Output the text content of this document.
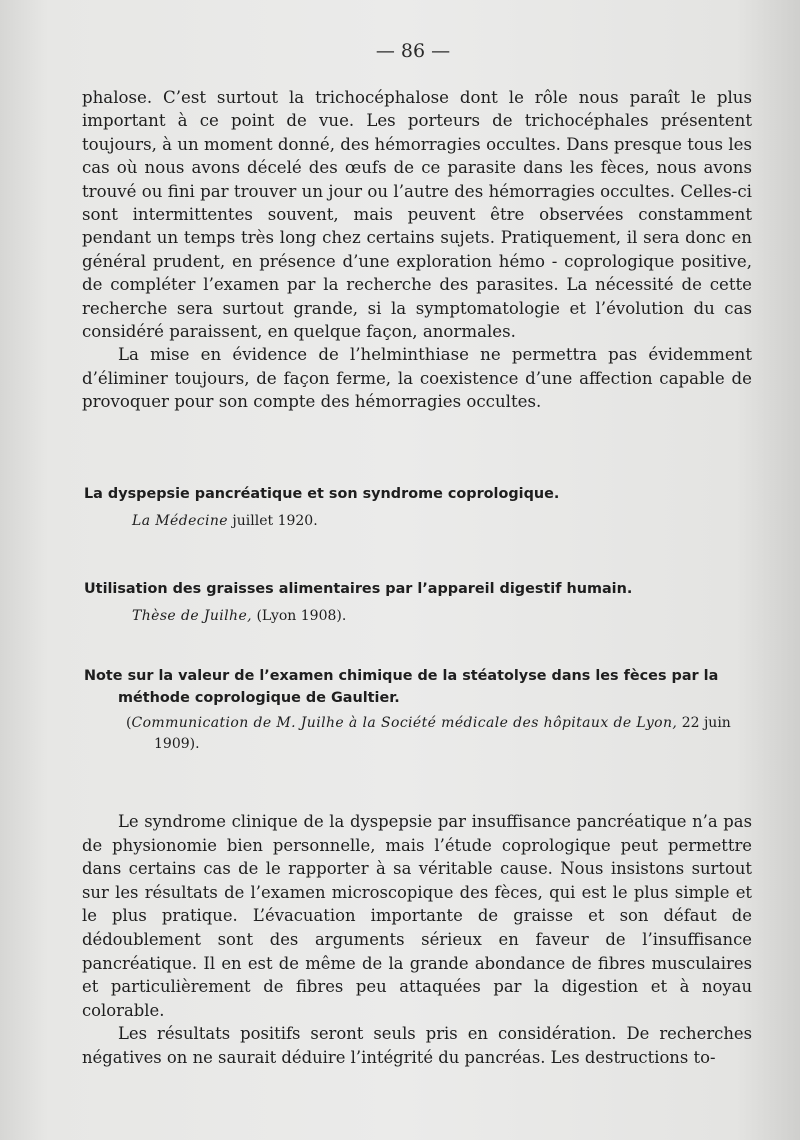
— 86 —

phalose. C’est surtout la trichocéphalose dont le rôle nous paraît le plus important à ce point de vue. Les porteurs de trichocéphales présentent toujours, à un moment donné, des hémorragies occultes. Dans presque tous les cas où nous avons décelé des œufs de ce parasite dans les fèces, nous avons trouvé ou fini par trouver un jour ou l’autre des hémorragies occultes. Celles-ci sont intermittentes souvent, mais peuvent être observées constamment pendant un temps très long chez certains sujets. Pratiquement, il sera donc en général prudent, en présence d’une exploration hémo - coprologique positive, de compléter l’examen par la recherche des parasites. La nécessité de cette recherche sera surtout grande, si la symptomatologie et l’évolution du cas considéré paraissent, en quelque façon, anormales.

La mise en évidence de l’helminthiase ne permettra pas évidemment d’éliminer toujours, de façon ferme, la coexistence d’une affection capable de provoquer pour son compte des hémorragies occultes.

La dyspepsie pancréatique et son syndrome coprologique.

La Médecine juillet 1920.

Utilisation des graisses alimentaires par l’appareil digestif humain.

Thèse de Juilhe, (Lyon 1908).

Note sur la valeur de l’examen chimique de la stéatolyse dans les fèces par la méthode coprologique de Gaultier.

(Communication de M. Juilhe à la Société médicale des hôpitaux de Lyon, 22 juin 1909).

Le syndrome clinique de la dyspepsie par insuffisance pancréatique n’a pas de physionomie bien personnelle, mais l’étude coprologique peut permettre dans certains cas de le rapporter à sa véritable cause. Nous insistons surtout sur les résultats de l’examen microscopique des fèces, qui est le plus simple et le plus pratique. L’évacuation importante de graisse et son défaut de dédoublement sont des arguments sérieux en faveur de l’insuffisance pancréatique. Il en est de même de la grande abondance de fibres musculaires et particulièrement de fibres peu attaquées par la digestion et à noyau colorable.

Les résultats positifs seront seuls pris en considération. De recherches négatives on ne saurait déduire l’intégrité du pancréas. Les destructions to-
